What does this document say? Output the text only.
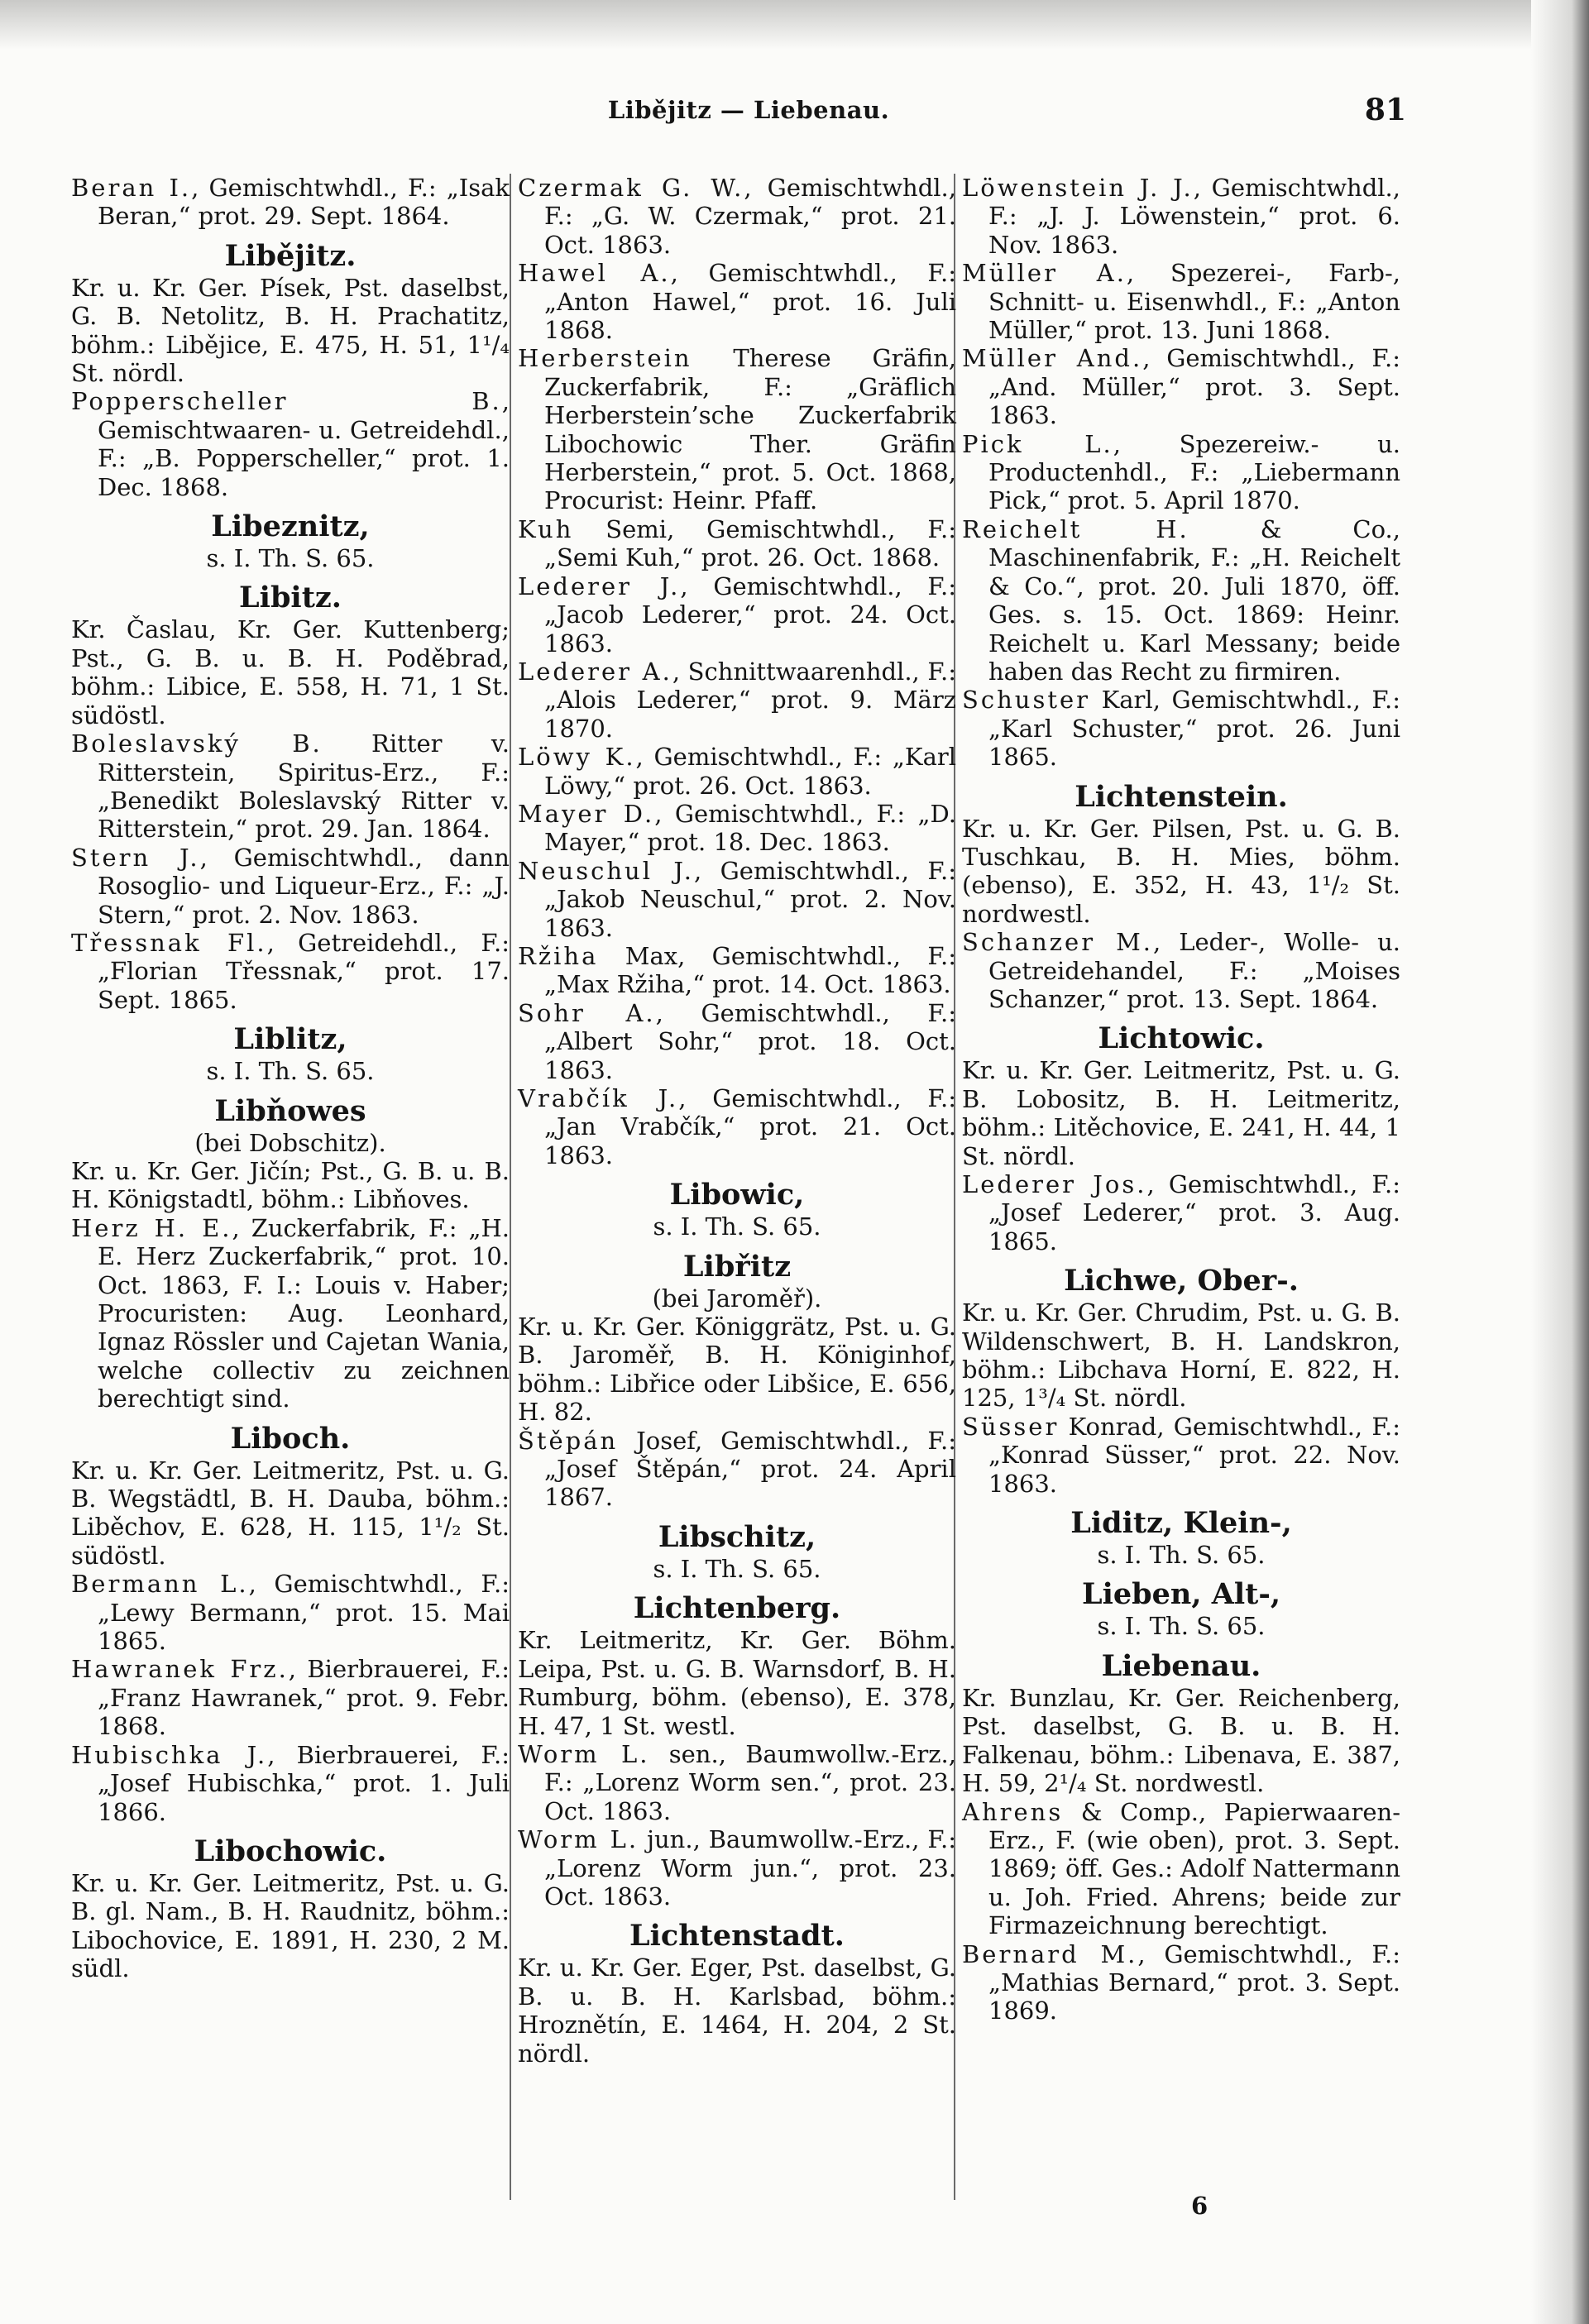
Libějitz — Liebenau.	81

Beran I., Gemischtwhdl., F.: „Isak Beran,“ prot. 29. Sept. 1864.

Libějitz.

Kr. u. Kr. Ger. Písek, Pst. daselbst, G. B. Netolitz, B. H. Prachatitz, böhm.: Libějice, E. 475, H. 51, 1¹/₄ St. nördl.

Popperscheller B., Gemischtwaaren- u. Getreidehdl., F.: „B. Popperscheller,“ prot. 1. Dec. 1868.

Libeznitz,

s. I. Th. S. 65.

Libitz.

Kr. Časlau, Kr. Ger. Kuttenberg; Pst., G. B. u. B. H. Poděbrad, böhm.: Libice, E. 558, H. 71, 1 St. südöstl.

Boleslavský B. Ritter v. Ritterstein, Spiritus-Erz., F.: „Benedikt Boleslavský Ritter v. Ritterstein,“ prot. 29. Jan. 1864.

Stern J., Gemischtwhdl., dann Rosoglio- und Liqueur-Erz., F.: „J. Stern,“ prot. 2. Nov. 1863.

Třessnak Fl., Getreidehdl., F.: „Florian Třessnak,“ prot. 17. Sept. 1865.

Liblitz,

s. I. Th. S. 65.

Libňowes

(bei Dobschitz).

Kr. u. Kr. Ger. Jičín; Pst., G. B. u. B. H. Königstadtl, böhm.: Libňoves.

Herz H. E., Zuckerfabrik, F.: „H. E. Herz Zuckerfabrik,“ prot. 10. Oct. 1863, F. I.: Louis v. Haber; Procuristen: Aug. Leonhard, Ignaz Rössler und Cajetan Wania, welche collectiv zu zeichnen berechtigt sind.

Liboch.

Kr. u. Kr. Ger. Leitmeritz, Pst. u. G. B. Wegstädtl, B. H. Dauba, böhm.: Liběchov, E. 628, H. 115, 1¹/₂ St. südöstl.

Bermann L., Gemischtwhdl., F.: „Lewy Bermann,“ prot. 15. Mai 1865.

Hawranek Frz., Bierbrauerei, F.: „Franz Hawranek,“ prot. 9. Febr. 1868.

Hubischka J., Bierbrauerei, F.: „Josef Hubischka,“ prot. 1. Juli 1866.

Libochowic.

Kr. u. Kr. Ger. Leitmeritz, Pst. u. G. B. gl. Nam., B. H. Raudnitz, böhm.: Libochovice, E. 1891, H. 230, 2 M. südl.

Czermak G. W., Gemischtwhdl., F.: „G. W. Czermak,“ prot. 21. Oct. 1863.

Hawel A., Gemischtwhdl., F.: „Anton Hawel,“ prot. 16. Juli 1868.

Herberstein Therese Gräfin, Zuckerfabrik, F.: „Gräflich Herberstein’sche Zuckerfabrik Libochowic Ther. Gräfin Herberstein,“ prot. 5. Oct. 1868, Procurist: Heinr. Pfaff.

Kuh Semi, Gemischtwhdl., F.: „Semi Kuh,“ prot. 26. Oct. 1868.

Lederer J., Gemischtwhdl., F.: „Jacob Lederer,“ prot. 24. Oct. 1863.

Lederer A., Schnittwaarenhdl., F.: „Alois Lederer,“ prot. 9. März 1870.

Löwy K., Gemischtwhdl., F.: „Karl Löwy,“ prot. 26. Oct. 1863.

Mayer D., Gemischtwhdl., F.: „D. Mayer,“ prot. 18. Dec. 1863.

Neuschul J., Gemischtwhdl., F.: „Jakob Neuschul,“ prot. 2. Nov. 1863.

Ržiha Max, Gemischtwhdl., F.: „Max Ržiha,“ prot. 14. Oct. 1863.

Sohr A., Gemischtwhdl., F.: „Albert Sohr,“ prot. 18. Oct. 1863.

Vrabčík J., Gemischtwhdl., F.: „Jan Vrabčík,“ prot. 21. Oct. 1863.

Libowic,

s. I. Th. S. 65.

Libřitz

(bei Jaroměř).

Kr. u. Kr. Ger. Königgrätz, Pst. u. G. B. Jaroměř, B. H. Königinhof, böhm.: Libřice oder Libšice, E. 656, H. 82.

Štěpán Josef, Gemischtwhdl., F.: „Josef Štěpán,“ prot. 24. April 1867.

Libschitz,

s. I. Th. S. 65.

Lichtenberg.

Kr. Leitmeritz, Kr. Ger. Böhm. Leipa, Pst. u. G. B. Warnsdorf, B. H. Rumburg, böhm. (ebenso), E. 378, H. 47, 1 St. westl.

Worm L. sen., Baumwollw.-Erz., F.: „Lorenz Worm sen.“, prot. 23. Oct. 1863.

Worm L. jun., Baumwollw.-Erz., F.: „Lorenz Worm jun.“, prot. 23. Oct. 1863.

Lichtenstadt.

Kr. u. Kr. Ger. Eger, Pst. daselbst, G. B. u. B. H. Karlsbad, böhm.: Hroznětín, E. 1464, H. 204, 2 St. nördl.

Löwenstein J. J., Gemischtwhdl., F.: „J. J. Löwenstein,“ prot. 6. Nov. 1863.

Müller A., Spezerei-, Farb-, Schnitt- u. Eisenwhdl., F.: „Anton Müller,“ prot. 13. Juni 1868.

Müller And., Gemischtwhdl., F.: „And. Müller,“ prot. 3. Sept. 1863.

Pick L., Spezereiw.- u. Productenhdl., F.: „Liebermann Pick,“ prot. 5. April 1870.

Reichelt H. & Co., Maschinenfabrik, F.: „H. Reichelt & Co.“, prot. 20. Juli 1870, öff. Ges. s. 15. Oct. 1869: Heinr. Reichelt u. Karl Messany; beide haben das Recht zu firmiren.

Schuster Karl, Gemischtwhdl., F.: „Karl Schuster,“ prot. 26. Juni 1865.

Lichtenstein.

Kr. u. Kr. Ger. Pilsen, Pst. u. G. B. Tuschkau, B. H. Mies, böhm. (ebenso), E. 352, H. 43, 1¹/₂ St. nordwestl.

Schanzer M., Leder-, Wolle- u. Getreidehandel, F.: „Moises Schanzer,“ prot. 13. Sept. 1864.

Lichtowic.

Kr. u. Kr. Ger. Leitmeritz, Pst. u. G. B. Lobositz, B. H. Leitmeritz, böhm.: Litěchovice, E. 241, H. 44, 1 St. nördl.

Lederer Jos., Gemischtwhdl., F.: „Josef Lederer,“ prot. 3. Aug. 1865.

Lichwe, Ober-.

Kr. u. Kr. Ger. Chrudim, Pst. u. G. B. Wildenschwert, B. H. Landskron, böhm.: Libchava Horní, E. 822, H. 125, 1³/₄ St. nördl.

Süsser Konrad, Gemischtwhdl., F.: „Konrad Süsser,“ prot. 22. Nov. 1863.

Liditz, Klein-,

s. I. Th. S. 65.

Lieben, Alt-,

s. I. Th. S. 65.

Liebenau.

Kr. Bunzlau, Kr. Ger. Reichenberg, Pst. daselbst, G. B. u. B. H. Falkenau, böhm.: Libenava, E. 387, H. 59, 2¹/₄ St. nordwestl.

Ahrens & Comp., Papierwaaren-Erz., F. (wie oben), prot. 3. Sept. 1869; öff. Ges.: Adolf Nattermann u. Joh. Fried. Ahrens; beide zur Firmazeichnung berechtigt.

Bernard M., Gemischtwhdl., F.: „Mathias Bernard,“ prot. 3. Sept. 1869.

6
